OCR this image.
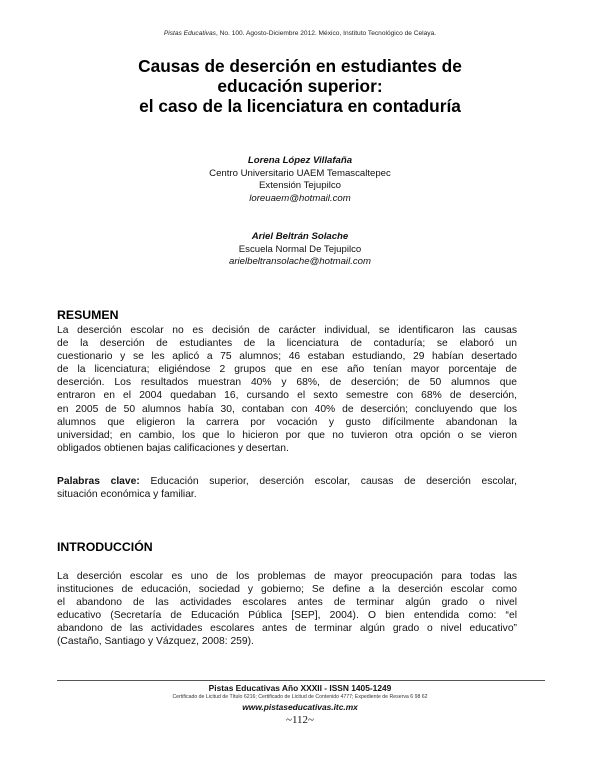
Pistas Educativas, No. 100. Agosto-Diciembre 2012. México, Instituto Tecnológico de Celaya.
Causas de deserción en estudiantes de
educación superior:
el caso de la licenciatura en contaduría
Lorena López Villafaña
Centro Universitario UAEM Temascaltepec
Extensión Tejupilco
loreuaem@hotmail.com
Ariel Beltrán Solache
Escuela Normal De Tejupilco
arielbeltransolache@hotmail.com
RESUMEN
La deserción escolar no es decisión de carácter individual, se identificaron las causas
de la deserción de estudiantes de la licenciatura de contaduría; se elaboró un
cuestionario y se les aplicó a 75 alumnos; 46 estaban estudiando, 29 habían desertado
de la licenciatura; eligiéndose 2 grupos que en ese año tenían mayor porcentaje de
deserción. Los resultados muestran 40% y 68%, de deserción; de 50 alumnos que
entraron en el 2004 quedaban 16, cursando el sexto semestre con 68% de deserción,
en 2005 de 50 alumnos había 30, contaban con 40% de deserción; concluyendo que los
alumnos que eligieron la carrera por vocación y gusto difícilmente abandonan la
universidad; en cambio, los que lo hicieron por que no tuvieron otra opción o se vieron
obligados obtienen bajas calificaciones y desertan.
Palabras clave: Educación superior, deserción escolar, causas de deserción escolar,
situación económica y familiar.
INTRODUCCIÓN
La deserción escolar es uno de los problemas de mayor preocupación para todas las
instituciones de educación, sociedad y gobierno; Se define a la deserción escolar como
el abandono de las actividades escolares antes de terminar algún grado o nivel
educativo (Secretaría de Educación Pública [SEP], 2004). O bien entendida como: “el
abandono de las actividades escolares antes de terminar algún grado o nivel educativo”
(Castaño, Santiago y Vázquez, 2008: 259).
Pistas Educativas Año XXXII - ISSN 1405-1249
Certificado de Licitud de Título 6216; Certificado de Licitud de Contenido 4777; Expediente de Reserva 6 98 62
www.pistaseducativas.itc.mx
~112~
